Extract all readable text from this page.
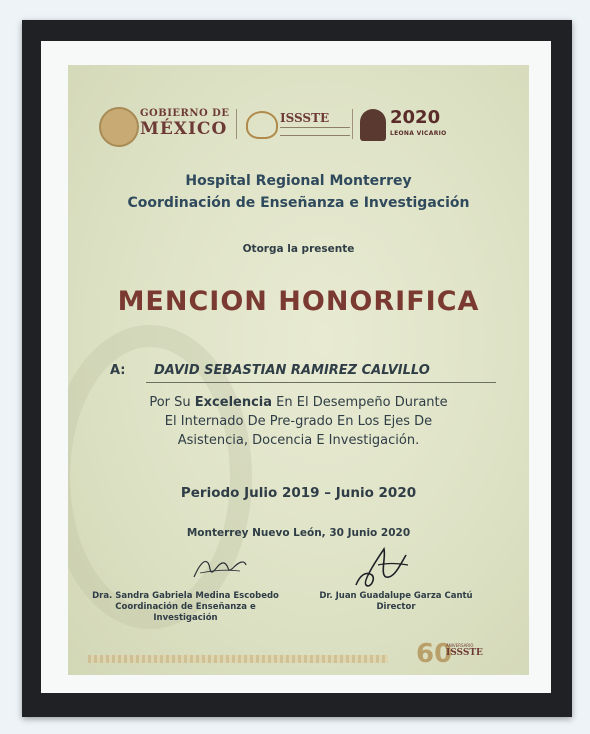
GOBIERNO DE
MÉXICO
ISSSTE	2020
LEONA VICARIO
Hospital Regional Monterrey
Coordinación de Enseñanza e Investigación
Otorga la presente
MENCION HONORIFICA
A: DAVID SEBASTIAN RAMIREZ CALVILLO
Por Su Excelencia En El Desempeño Durante
El Internado De Pre-grado En Los Ejes De
Asistencia, Docencia E Investigación.
Periodo Julio 2019 – Junio 2020
Monterrey Nuevo León, 30 Junio 2020
Dra. Sandra Gabriela Medina Escobedo
Coordinación de Enseñanza e
Investigación
Dr. Juan Guadalupe Garza Cantú
Director
60
ANIVERSARIO
ISSSTE
